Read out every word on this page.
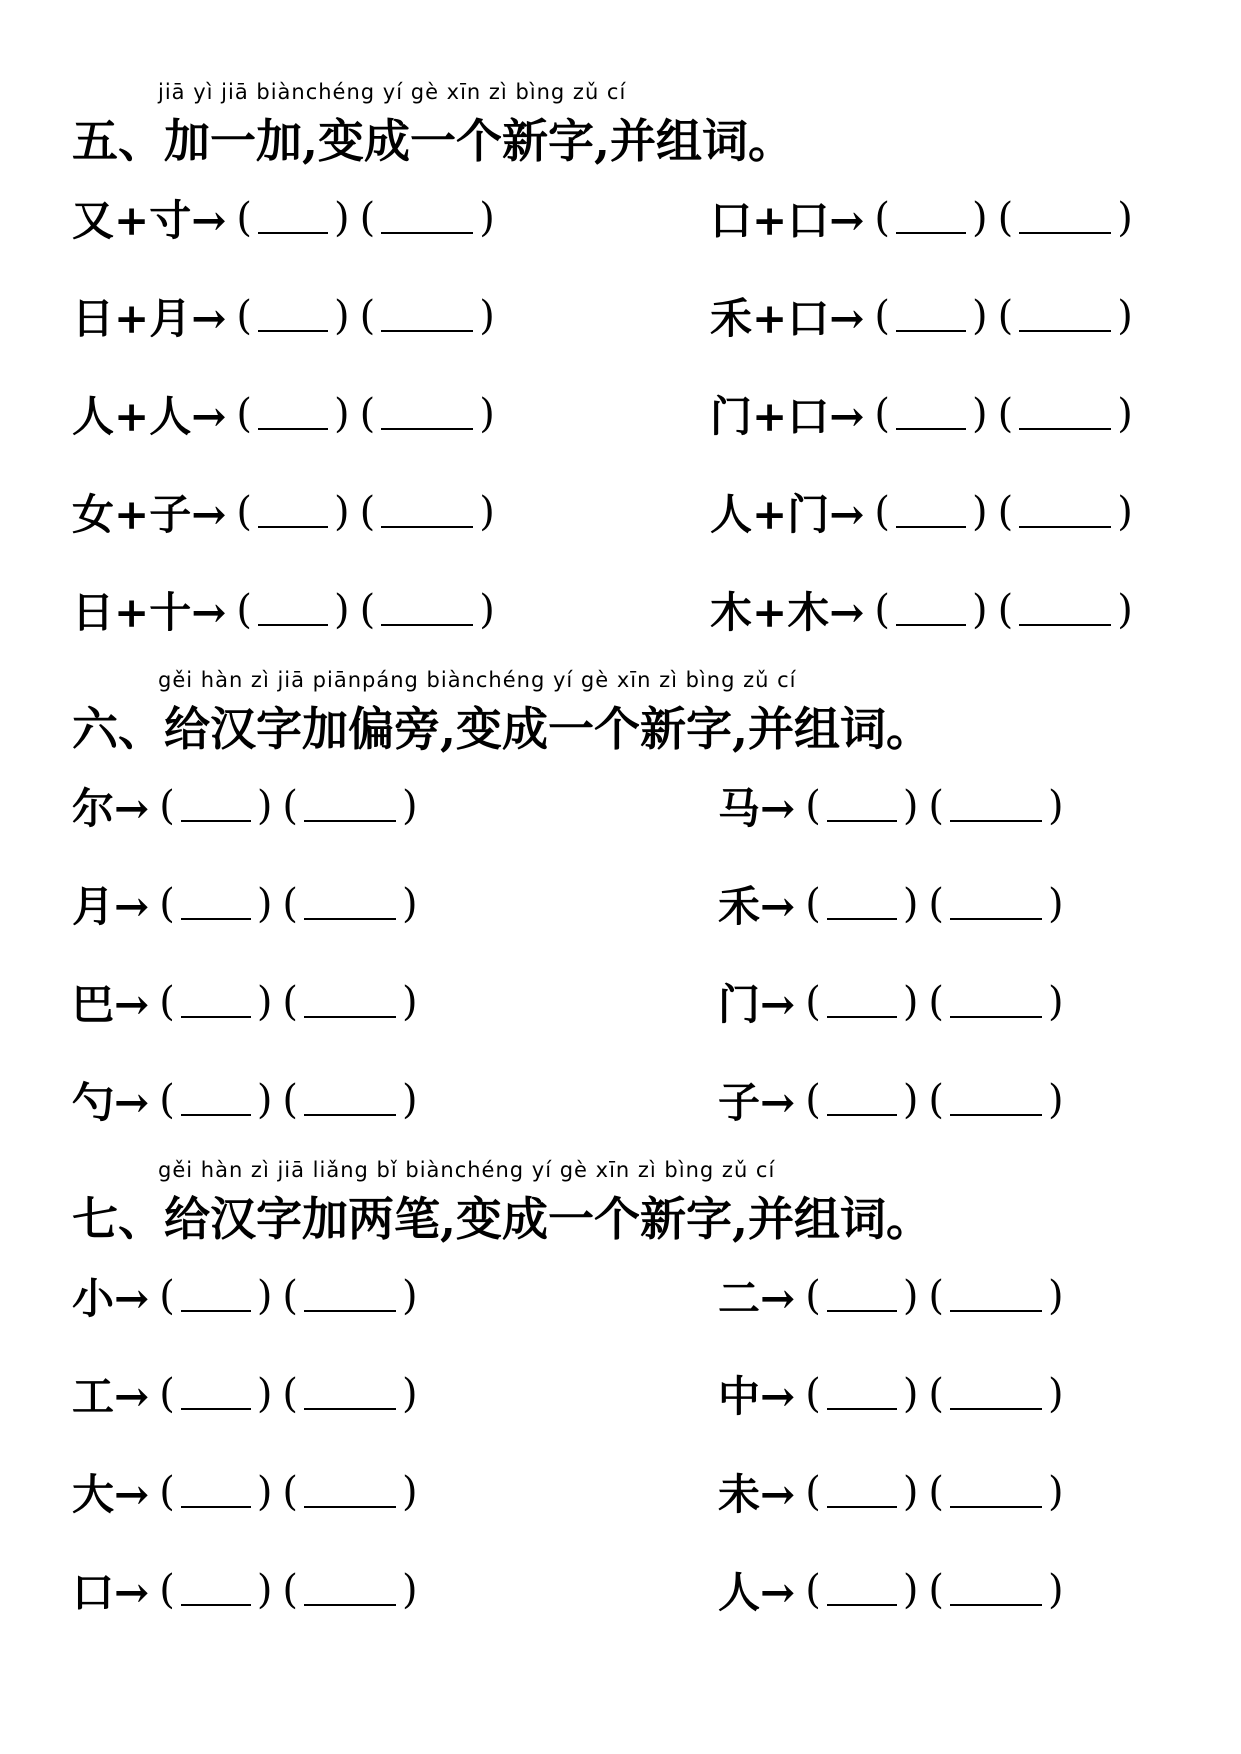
jiā yì jiā biànchéng yí gè xīn zì bìng zǔ cí
五、加一加,变成一个新字,并组词。
又+寸→ ( ) (	)	口+口→ ( ) (	)
日+月→ ( ) (	)	禾+口→ ( ) (	)
人+人→ ( ) (	)	门+口→ ( ) (	)
女+子→ ( ) (	)	人+门→ ( ) (	)
日+十→ ( ) (	)	木+木→ ( ) (	)
gěi hàn zì jiā piānpáng biànchéng yí gè xīn zì bìng zǔ cí
六、给汉字加偏旁,变成一个新字,并组词。
尔→ ( ) (	)	马→ ( ) (	)
月→ ( ) (	)	禾→ ( ) (	)
巴→ ( ) (	)	门→ ( ) (	)
勺→ ( ) (	)	子→ ( ) (	)
gěi hàn zì jiā liǎng bǐ biànchéng yí gè xīn zì bìng zǔ cí
七、给汉字加两笔,变成一个新字,并组词。
小→ ( ) (	)	二→ ( ) (	)
工→ ( ) (	)	中→ ( ) (	)
大→ ( ) (	)	未→ ( ) (	)
口→ ( ) (	)	人→ ( ) (	)
